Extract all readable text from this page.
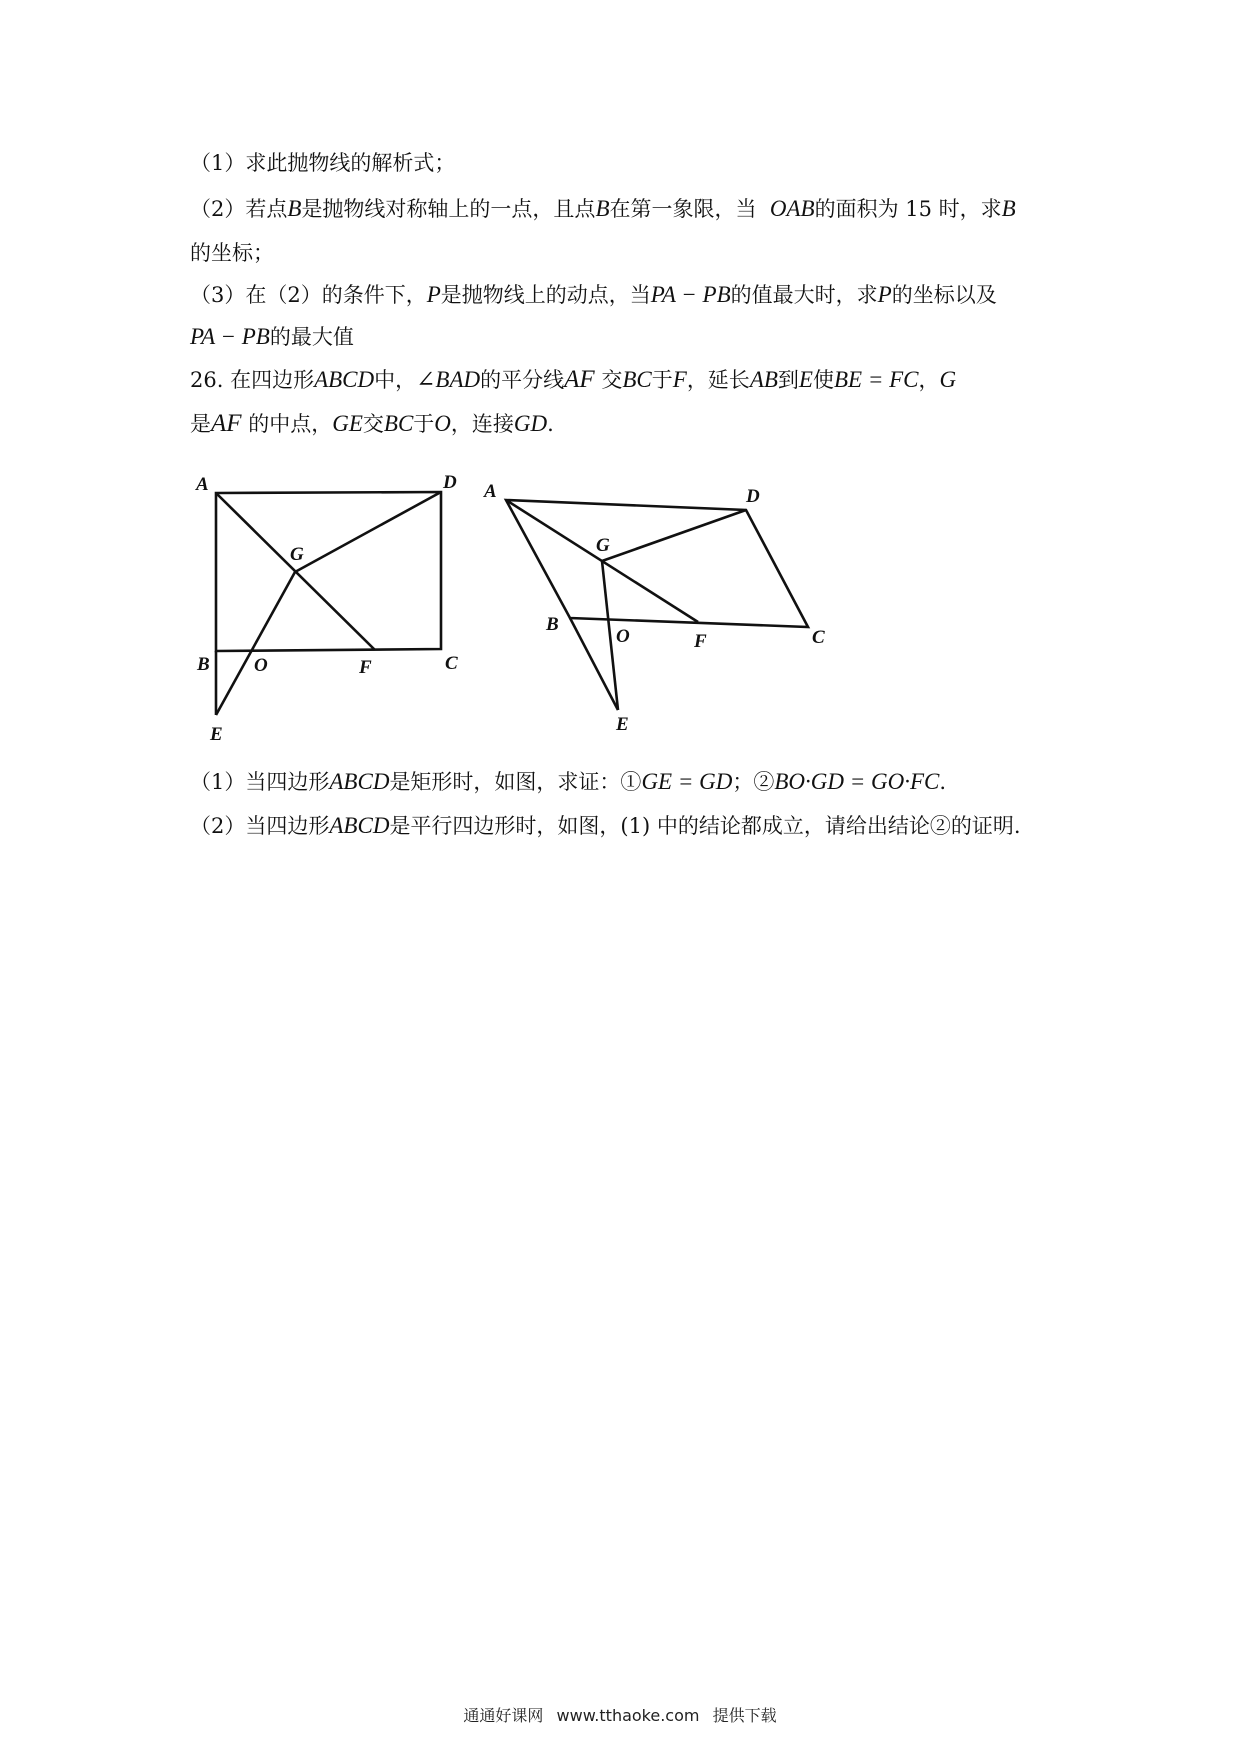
（1）求此抛物线的解析式；
（2）若点B是抛物线对称轴上的一点，且点B在第一象限，当 OAB的面积为 15 时，求B
的坐标；
（3）在（2）的条件下，P是抛物线上的动点，当PA − PB的值最大时，求P的坐标以及
PA − PB的最大值
26. 在四边形ABCD中，∠BAD的平分线AF 交BC于F，延长AB到E使BE = FC，G
是AF 的中点，GE交BC于O，连接GD.
A	D
G
B O	F	C
E
A	D
G
B
O	F	C
E
（1）当四边形ABCD是矩形时，如图，求证：①GE = GD；②BO·GD = GO·FC.
（2）当四边形ABCD是平行四边形时，如图，(1) 中的结论都成立，请给出结论②的证明.
通通好课网 www.tthaoke.com 提供下载
